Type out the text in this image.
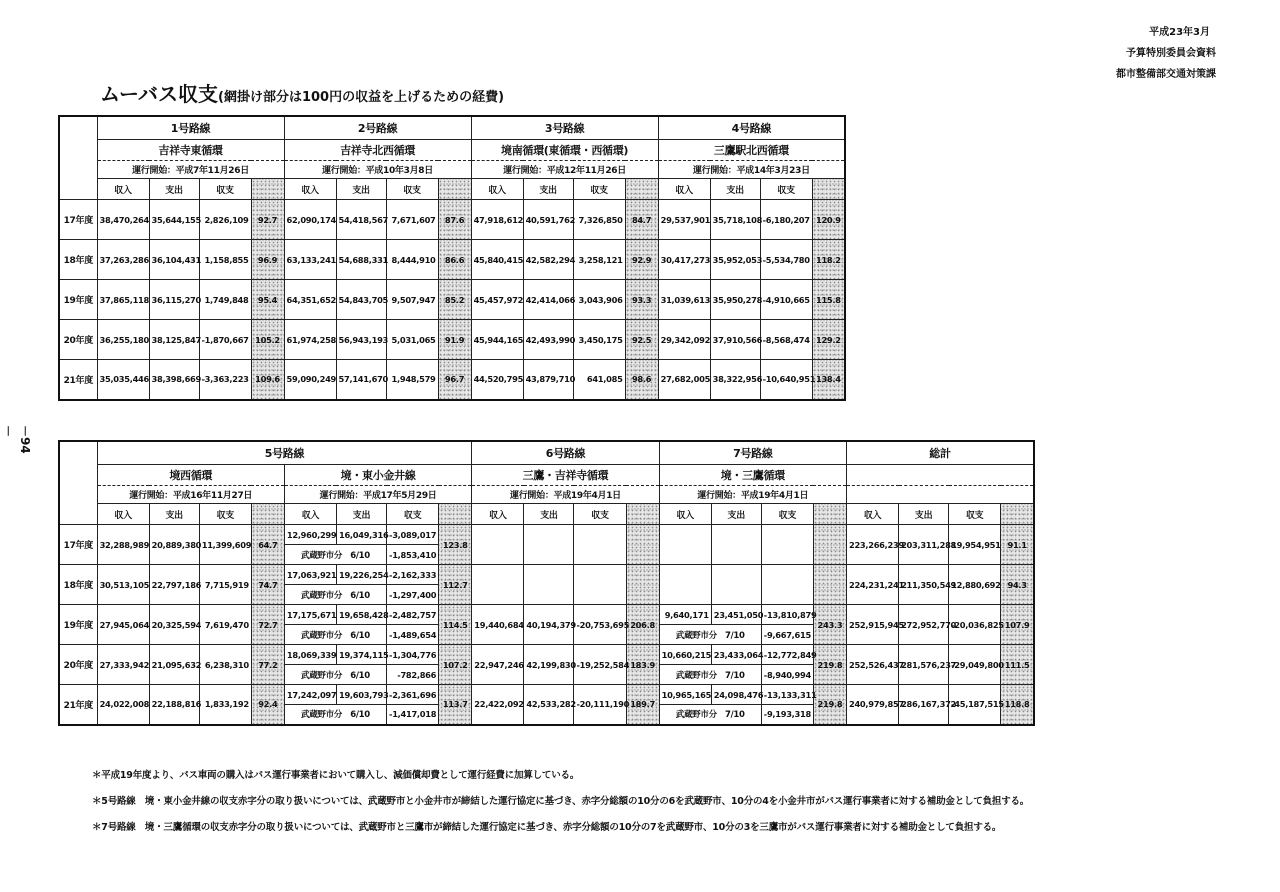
平成23年3月
予算特別委員会資料
都市整備部交通対策課
ムーバス収支(網掛け部分は100円の収益を上げるための経費)
－94－
	1号路線				2号路線				3号路線				4号路線			
	吉祥寺東循環				吉祥寺北西循環				境南循環(東循環・西循環)				三鷹駅北西循環			
	運行開始：平成7年11月26日				運行開始：平成10年3月8日				運行開始：平成12年11月26日				運行開始：平成14年3月23日			
	収入	支出	収支		収入	支出	収支		収入	支出	収支		収入	支出	収支	
17年度	38,470,264	35,644,155	2,826,109	92.7	62,090,174	54,418,567	7,671,607	87.6	47,918,612	40,591,762	7,326,850	84.7	29,537,901	35,718,108	-6,180,207	120.9

18年度	37,263,286	36,104,431	1,158,855	96.9	63,133,241	54,688,331	8,444,910	86.6	45,840,415	42,582,294	3,258,121	92.9	30,417,273	35,952,053	-5,534,780	118.2

19年度	37,865,118	36,115,270	1,749,848	95.4	64,351,652	54,843,705	9,507,947	85.2	45,457,972	42,414,066	3,043,906	93.3	31,039,613	35,950,278	-4,910,665	115.8

20年度	36,255,180	38,125,847	-1,870,667	105.2	61,974,258	56,943,193	5,031,065	91.9	45,944,165	42,493,990	3,450,175	92.5	29,342,092	37,910,566	-8,568,474	129.2

21年度	35,035,446	38,398,669	-3,363,223	109.6	59,090,249	57,141,670	1,948,579	96.7	44,520,795	43,879,710	641,085	98.6	27,682,005	38,322,956	-10,640,951	138.4

	5号路線								6号路線				7号路線				総計			
	境西循環				境・東小金井線				三鷹・吉祥寺循環				境・三鷹循環							
	運行開始：平成16年11月27日				運行開始：平成17年5月29日				運行開始：平成19年4月1日				運行開始：平成19年4月1日							
	収入	支出	収支		収入	支出	収支		収入	支出	収支		収入	支出	収支		収入	支出	収支	
17年度	32,288,989	20,889,380	11,399,609	64.7	12,960,299	16,049,316	-3,089,017	123.8									223,266,239	203,311,288	19,954,951	91.1
					武蔵野市分　6/10		-1,853,410													
18年度	30,513,105	22,797,186	7,715,919	74.7	17,063,921	19,226,254	-2,162,333	112.7									224,231,241	211,350,549	12,880,692	94.3
					武蔵野市分　6/10		-1,297,400													
19年度	27,945,064	20,325,594	7,619,470	72.7	17,175,671	19,658,428	-2,482,757	114.5	19,440,684	40,194,379	-20,753,695	206.8	9,640,171	23,451,050	-13,810,879	243.3	252,915,945	272,952,770	-20,036,825	107.9
					武蔵野市分　6/10		-1,489,654						武蔵野市分　7/10		-9,667,615					
20年度	27,333,942	21,095,632	6,238,310	77.2	18,069,339	19,374,115	-1,304,776	107.2	22,947,246	42,199,830	-19,252,584	183.9	10,660,215	23,433,064	-12,772,849	219.8	252,526,437	281,576,237	-29,049,800	111.5
					武蔵野市分　6/10		-782,866						武蔵野市分　7/10		-8,940,994					
21年度	24,022,008	22,188,816	1,833,192	92.4	17,242,097	19,603,793	-2,361,696	113.7	22,422,092	42,533,282	-20,111,190	189.7	10,965,165	24,098,476	-13,133,311	219.8	240,979,857	286,167,372	-45,187,515	118.8
					武蔵野市分　6/10		-1,417,018						武蔵野市分　7/10		-9,193,318					
＊平成19年度より、バス車両の購入はバス運行事業者において購入し、減価償却費として運行経費に加算している。
＊5号路線　境・東小金井線の収支赤字分の取り扱いについては、武蔵野市と小金井市が締結した運行協定に基づき、赤字分総額の10分の6を武蔵野市、10分の4を小金井市がバス運行事業者に対する補助金として負担する。
＊7号路線　境・三鷹循環の収支赤字分の取り扱いについては、武蔵野市と三鷹市が締結した運行協定に基づき、赤字分総額の10分の7を武蔵野市、10分の3を三鷹市がバス運行事業者に対する補助金として負担する。
